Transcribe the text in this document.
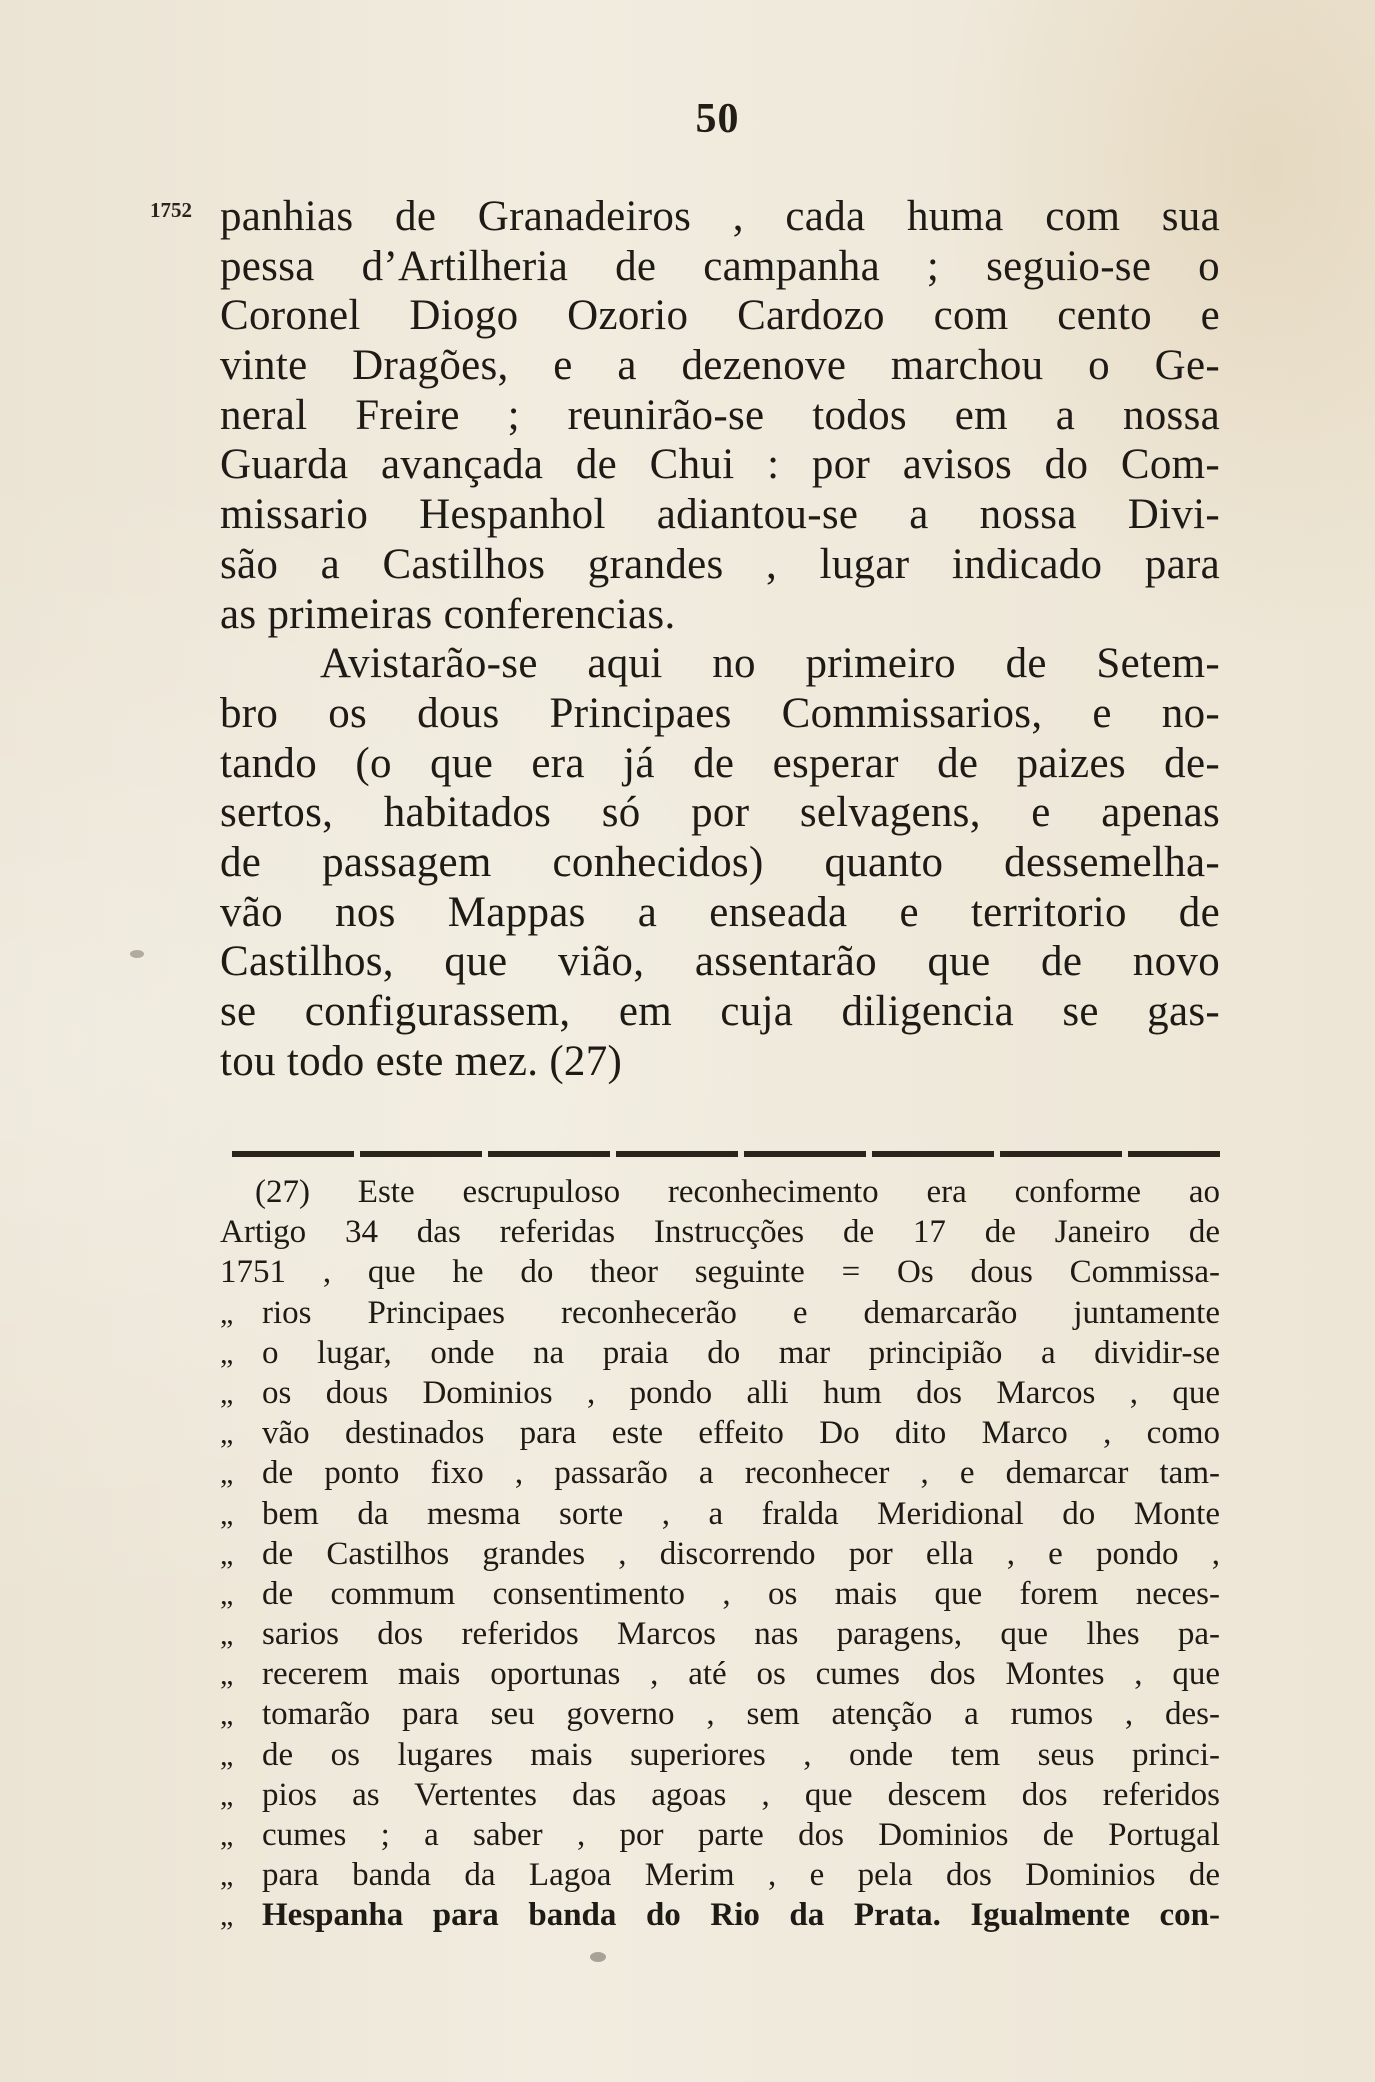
50
1752 panhias de Granadeiros , cada huma com sua
pessa d’Artilheria de campanha ; seguio-se o
Coronel Diogo Ozorio Cardozo com cento e
vinte Dragões, e a dezenove marchou o Ge-
neral Freire ; reunirão-se todos em a nossa
Guarda avançada de Chui : por avisos do Com-
missario Hespanhol adiantou-se a nossa Divi-
são a Castilhos grandes , lugar indicado para
as primeiras conferencias.
Avistarão-se aqui no primeiro de Setem-
bro os dous Principaes Commissarios, e no-
tando (o que era já de esperar de paizes de-
sertos, habitados só por selvagens, e apenas
de passagem conhecidos) quanto dessemelha-
vão nos Mappas a enseada e territorio de
Castilhos, que vião, assentarão que de novo
se configurassem, em cuja diligencia se gas-
tou todo este mez. (27)
(27) Este escrupuloso reconhecimento era conforme ao
Artigo 34 das referidas Instrucções de 17 de Janeiro de
1751 , que he do theor seguinte = Os dous Commissa-
„ rios Principaes reconhecerão e demarcarão juntamente
„ o lugar, onde na praia do mar principião a dividir-se
„ os dous Dominios , pondo alli hum dos Marcos , que
„ vão destinados para este effeito Do dito Marco , como
„ de ponto fixo , passarão a reconhecer , e demarcar tam-
„ bem da mesma sorte , a fralda Meridional do Monte
„ de Castilhos grandes , discorrendo por ella , e pondo ,
„ de commum consentimento , os mais que forem neces-
„ sarios dos referidos Marcos nas paragens, que lhes pa-
„ recerem mais oportunas , até os cumes dos Montes , que
„ tomarão para seu governo , sem atenção a rumos , des-
„ de os lugares mais superiores , onde tem seus princi-
„ pios as Vertentes das agoas , que descem dos referidos
„ cumes ; a saber , por parte dos Dominios de Portugal
„ para banda da Lagoa Merim , e pela dos Dominios de
„ Hespanha para banda do Rio da Prata. Igualmente con-
